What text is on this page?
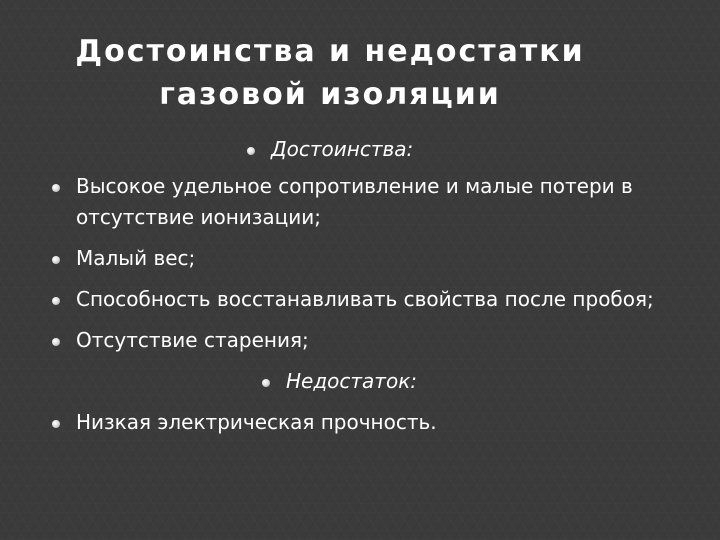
Достоинства и недостатки
газовой изоляции
Достоинства:
Высокое удельное сопротивление и малые потери в отсутствие ионизации;
Малый вес;
Способность восстанавливать свойства после пробоя;
Отсутствие старения;
Недостаток:
Низкая электрическая прочность.
